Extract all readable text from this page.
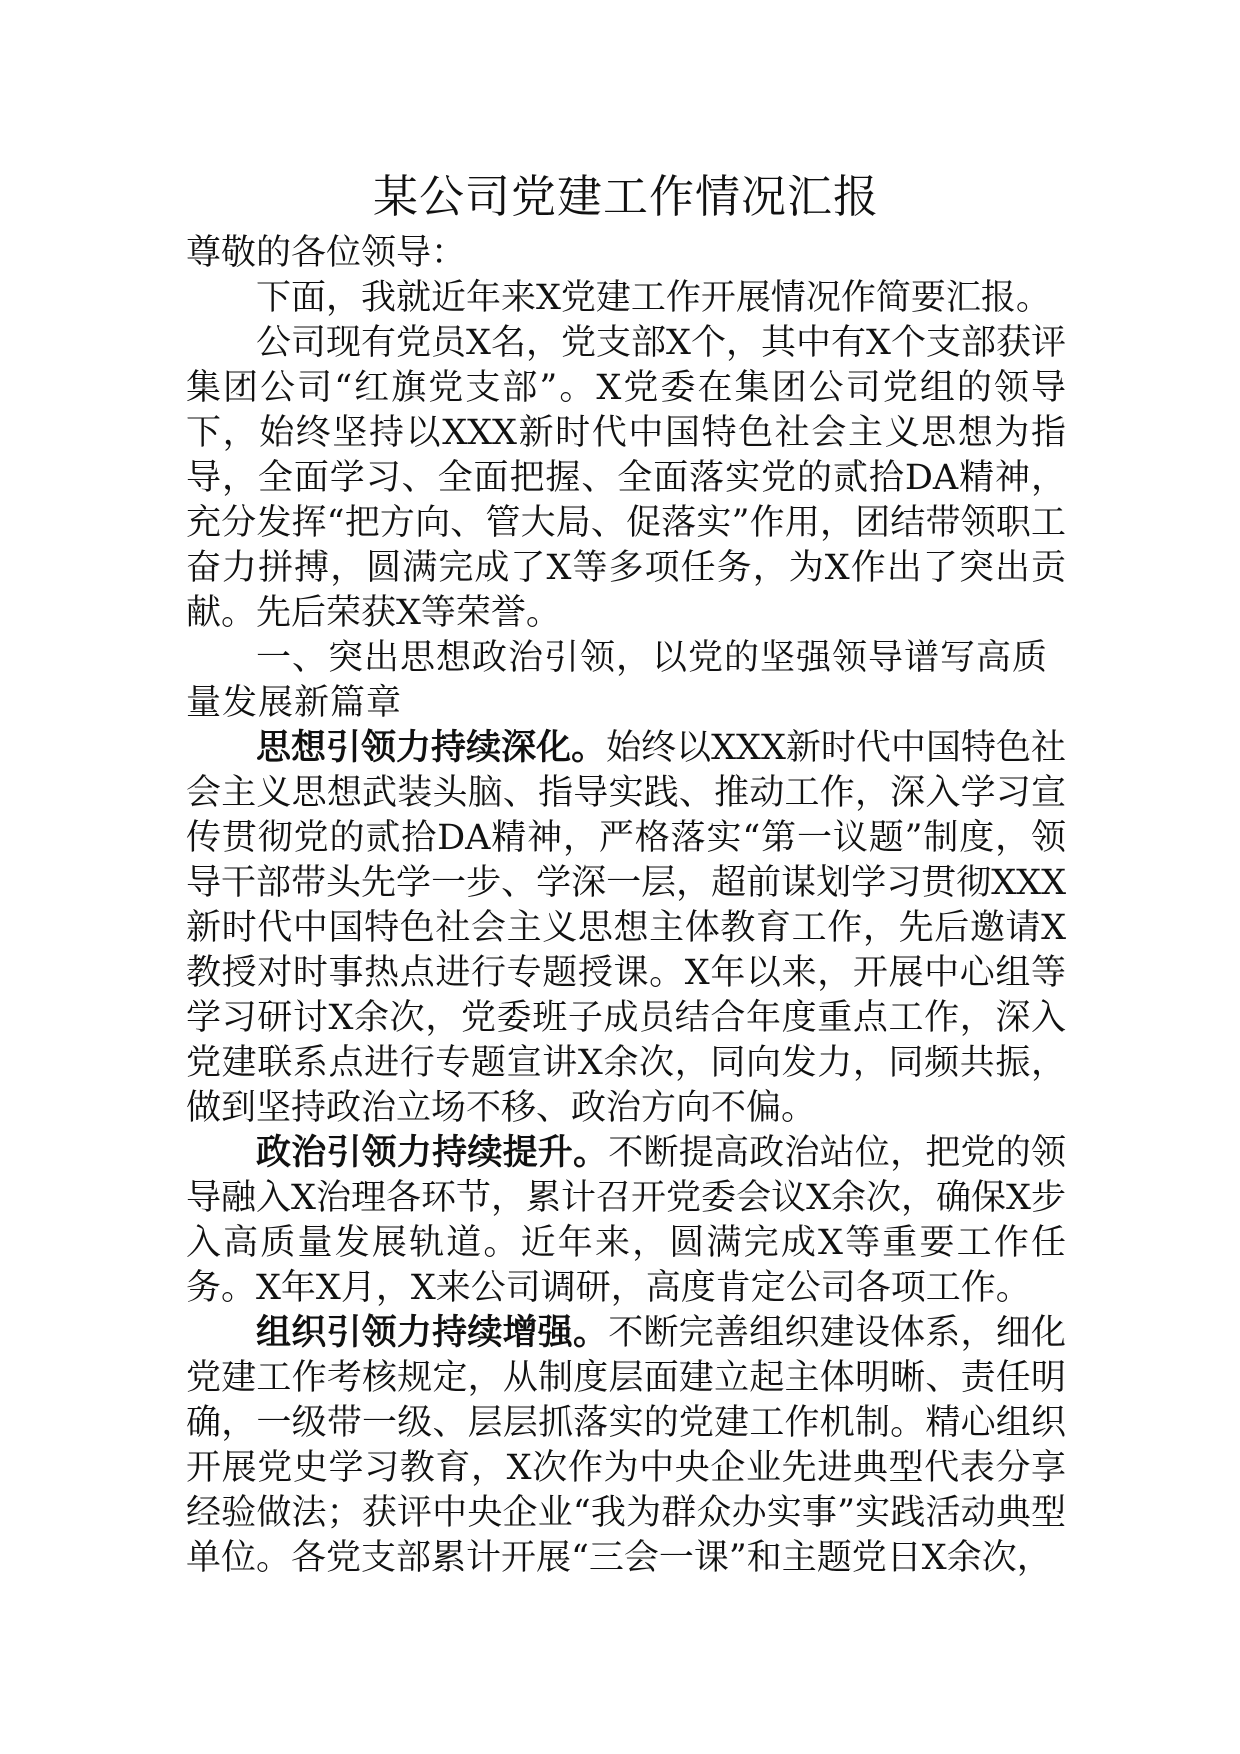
某公司党建工作情况汇报

尊敬的各位领导：

下面，我就近年来X党建工作开展情况作简要汇报。

公司现有党员X名，党支部X个，其中有X个支部获评集团公司“红旗党支部”。X党委在集团公司党组的领导下，始终坚持以XXX新时代中国特色社会主义思想为指导，全面学习、全面把握、全面落实党的贰拾DA精神，充分发挥“把方向、管大局、促落实”作用，团结带领职工奋力拼搏，圆满完成了X等多项任务，为X作出了突出贡献。先后荣获X等荣誉。

一、突出思想政治引领，以党的坚强领导谱写高质量发展新篇章

思想引领力持续深化。始终以XXX新时代中国特色社会主义思想武装头脑、指导实践、推动工作，深入学习宣传贯彻党的贰拾DA精神，严格落实“第一议题”制度，领导干部带头先学一步、学深一层，超前谋划学习贯彻XXX新时代中国特色社会主义思想主体教育工作，先后邀请X教授对时事热点进行专题授课。X年以来，开展中心组等学习研讨X余次，党委班子成员结合年度重点工作，深入党建联系点进行专题宣讲X余次，同向发力，同频共振，做到坚持政治立场不移、政治方向不偏。

政治引领力持续提升。不断提高政治站位，把党的领导融入X治理各环节，累计召开党委会议X余次，确保X步入高质量发展轨道。近年来，圆满完成X等重要工作任务。X年X月，X来公司调研，高度肯定公司各项工作。

组织引领力持续增强。不断完善组织建设体系，细化党建工作考核规定，从制度层面建立起主体明晰、责任明确，一级带一级、层层抓落实的党建工作机制。精心组织开展党史学习教育，X次作为中央企业先进典型代表分享经验做法；获评中央企业“我为群众办实事”实践活动典型单位。各党支部累计开展“三会一课”和主题党日X余次，
